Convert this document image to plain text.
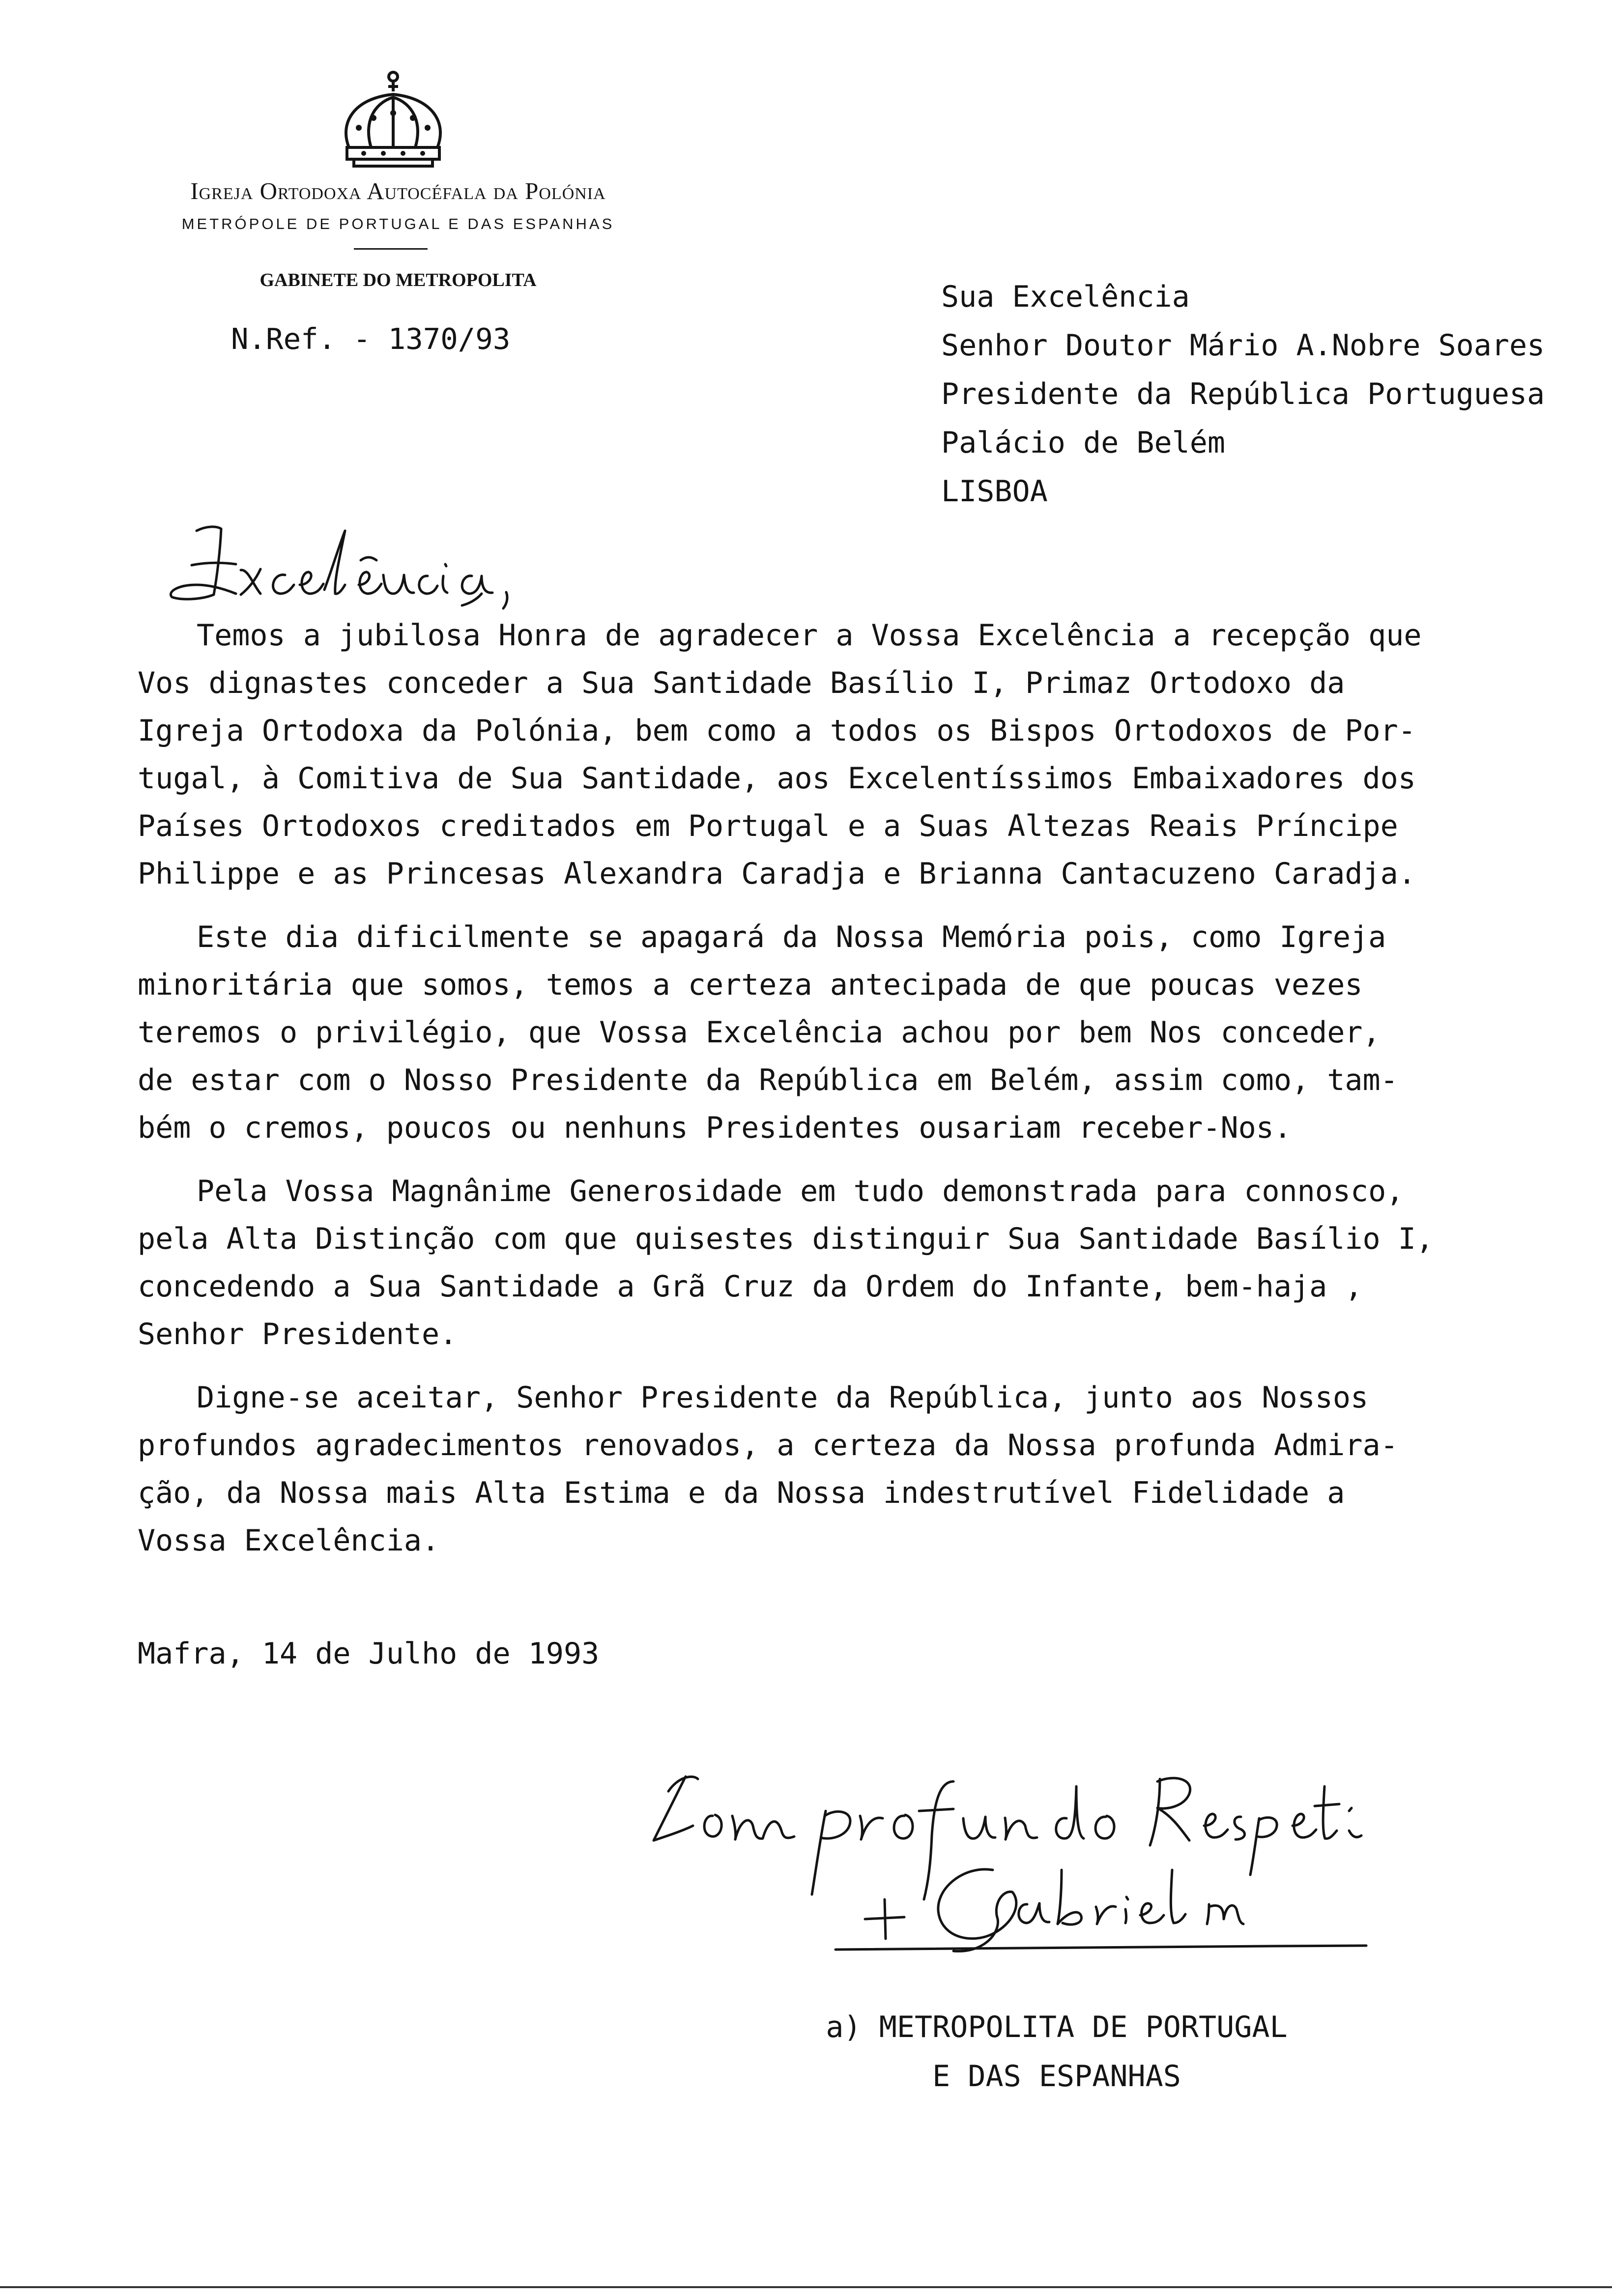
Igreja Ortodoxa Autocéfala da Polónia
METRÓPOLE DE PORTUGAL E DAS ESPANHAS
GABINETE DO METROPOLITA
N.Ref. - 1370/93
Sua Excelência
Senhor Doutor Mário A.Nobre Soares
Presidente da República Portuguesa
Palácio de Belém
LISBOA
Temos a jubilosa Honra de agradecer a Vossa Excelência a recepção que
Vos dignastes conceder a Sua Santidade Basílio I, Primaz Ortodoxo da
Igreja Ortodoxa da Polónia, bem como a todos os Bispos Ortodoxos de Por-
tugal, à Comitiva de Sua Santidade, aos Excelentíssimos Embaixadores dos
Países Ortodoxos creditados em Portugal e a Suas Altezas Reais Príncipe
Philippe e as Princesas Alexandra Caradja e Brianna Cantacuzeno Caradja.
Este dia dificilmente se apagará da Nossa Memória pois, como Igreja
minoritária que somos, temos a certeza antecipada de que poucas vezes
teremos o privilégio, que Vossa Excelência achou por bem Nos conceder,
de estar com o Nosso Presidente da República em Belém, assim como, tam-
bém o cremos, poucos ou nenhuns Presidentes ousariam receber-Nos.
Pela Vossa Magnânime Generosidade em tudo demonstrada para connosco,
pela Alta Distinção com que quisestes distinguir Sua Santidade Basílio I,
concedendo a Sua Santidade a Grã Cruz da Ordem do Infante, bem-haja ,
Senhor Presidente.
Digne-se aceitar, Senhor Presidente da República, junto aos Nossos
profundos agradecimentos renovados, a certeza da Nossa profunda Admira-
ção, da Nossa mais Alta Estima e da Nossa indestrutível Fidelidade a
Vossa Excelência.
Mafra, 14 de Julho de 1993
a) METROPOLITA DE PORTUGAL
E DAS ESPANHAS
